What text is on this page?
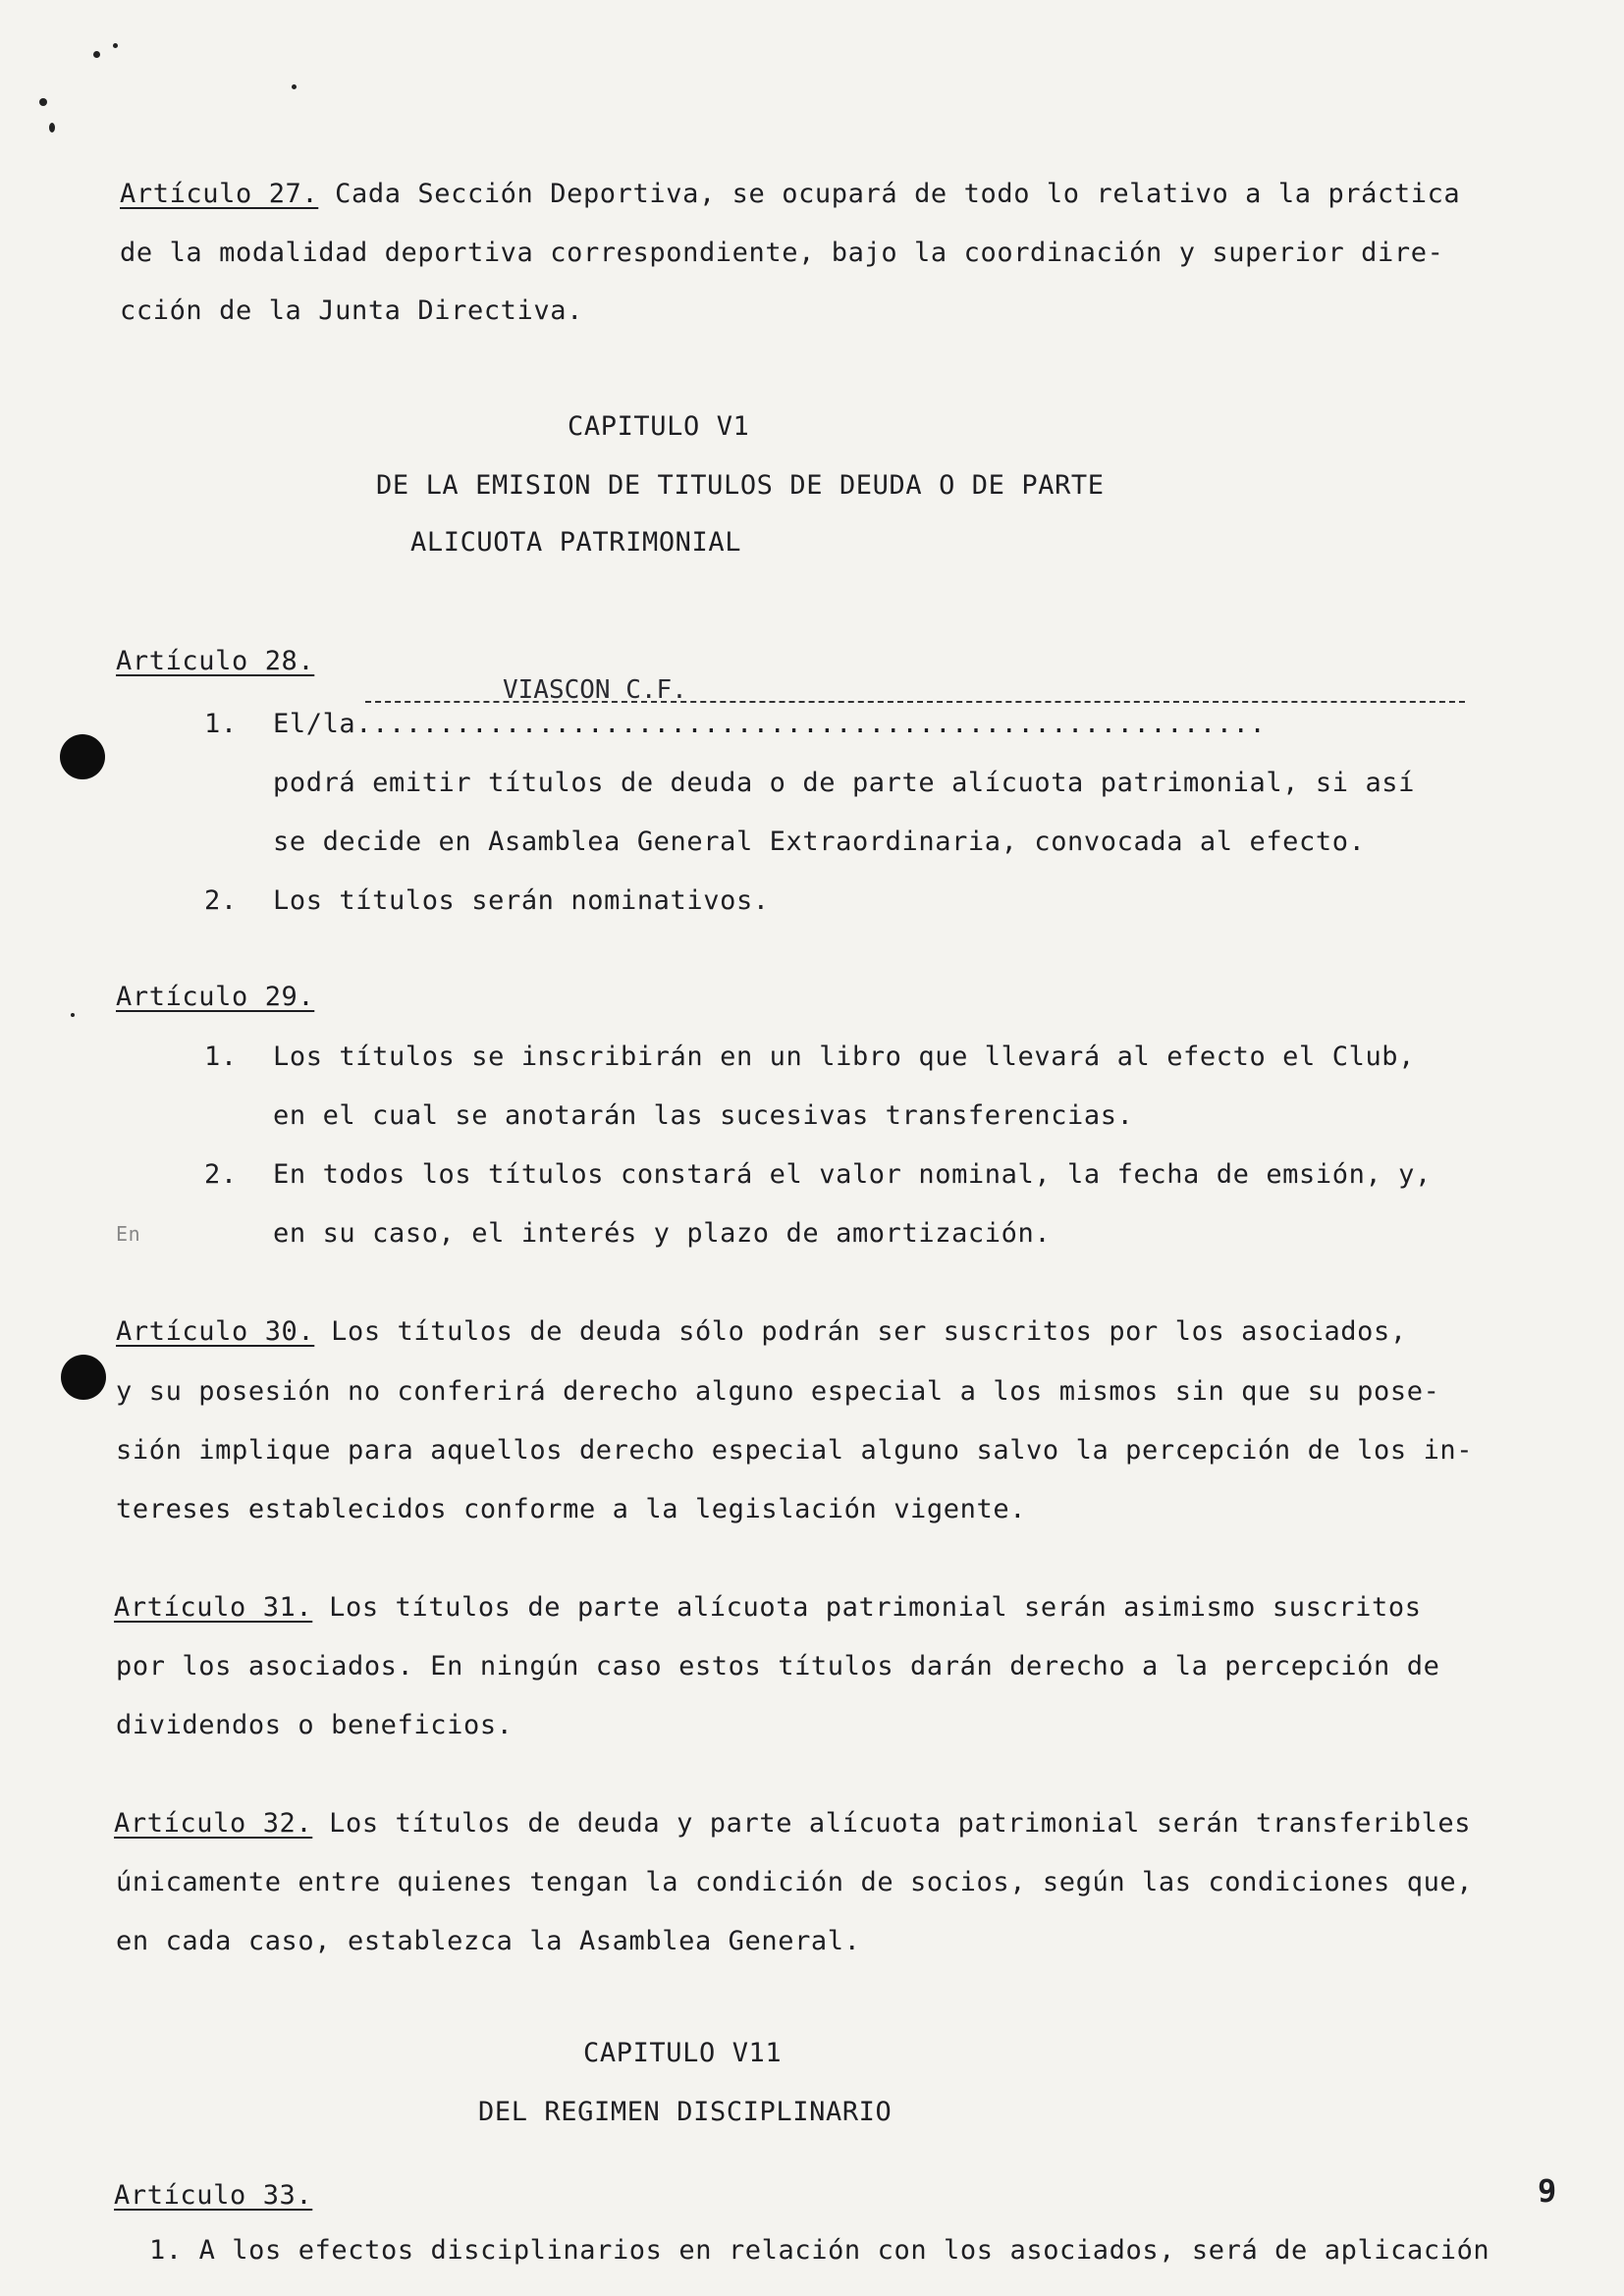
Artículo 27. Cada Sección Deportiva, se ocupará de todo lo relativo a la práctica
de la modalidad deportiva correspondiente, bajo la coordinación y superior dire-
cción de la Junta Directiva.
CAPITULO V1
DE LA EMISION DE TITULOS DE DEUDA O DE PARTE
ALICUOTA PATRIMONIAL
Artículo 28.
VIASCON C.F.
1. El/la.......................................................
podrá emitir títulos de deuda o de parte alícuota patrimonial, si así
se decide en Asamblea General Extraordinaria, convocada al efecto.
2. Los títulos serán nominativos.
Artículo 29.
1. Los títulos se inscribirán en un libro que llevará al efecto el Club,
en el cual se anotarán las sucesivas transferencias.
2. En todos los títulos constará el valor nominal, la fecha de emsión, y,
En	en su caso, el interés y plazo de amortización.
Artículo 30. Los títulos de deuda sólo podrán ser suscritos por los asociados,
y su posesión no conferirá derecho alguno especial a los mismos sin que su pose-
sión implique para aquellos derecho especial alguno salvo la percepción de los in-
tereses establecidos conforme a la legislación vigente.
Artículo 31. Los títulos de parte alícuota patrimonial serán asimismo suscritos
por los asociados. En ningún caso estos títulos darán derecho a la percepción de
dividendos o beneficios.
Artículo 32. Los títulos de deuda y parte alícuota patrimonial serán transferibles
únicamente entre quienes tengan la condición de socios, según las condiciones que,
en cada caso, establezca la Asamblea General.
CAPITULO V11
DEL REGIMEN DISCIPLINARIO
Artículo 33.	9
1. A los efectos disciplinarios en relación con los asociados, será de aplicación
